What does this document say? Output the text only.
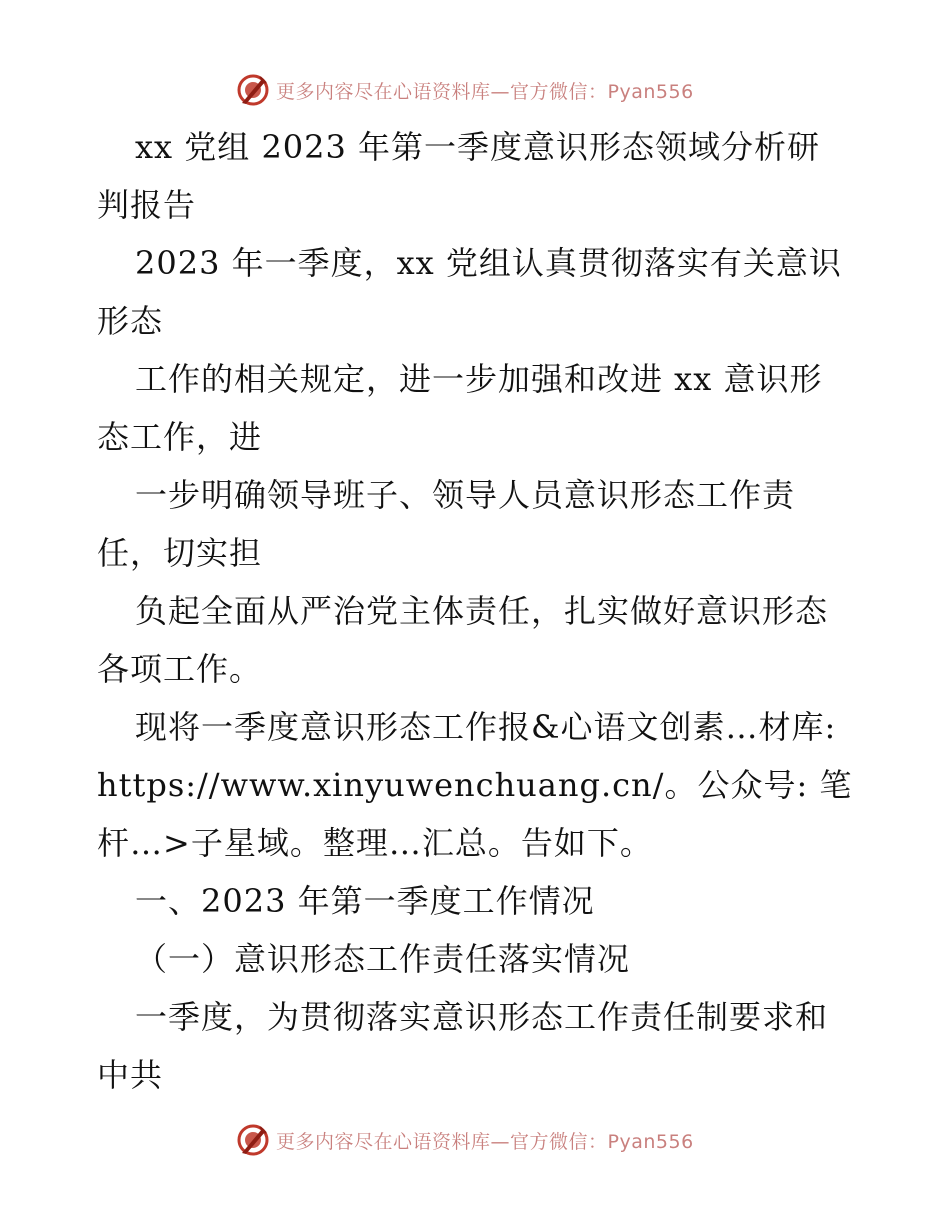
更多内容尽在心语资料库—官方微信：Pyan556

xx 党组 2023 年第一季度意识形态领域分析研判报告

2023 年一季度，xx 党组认真贯彻落实有关意识形态

工作的相关规定，进一步加强和改进 xx 意识形态工作，进

一步明确领导班子、领导人员意识形态工作责任，切实担

负起全面从严治党主体责任，扎实做好意识形态各项工作。

现将一季度意识形态工作报&心语文创素…材库: https://www.xinyuwenchuang.cn/。公众号: 笔杆…>子星域。整理…汇总。告如下。

一、2023 年第一季度工作情况

（一）意识形态工作责任落实情况

一季度，为贯彻落实意识形态工作责任制要求和中共

更多内容尽在心语资料库—官方微信：Pyan556
